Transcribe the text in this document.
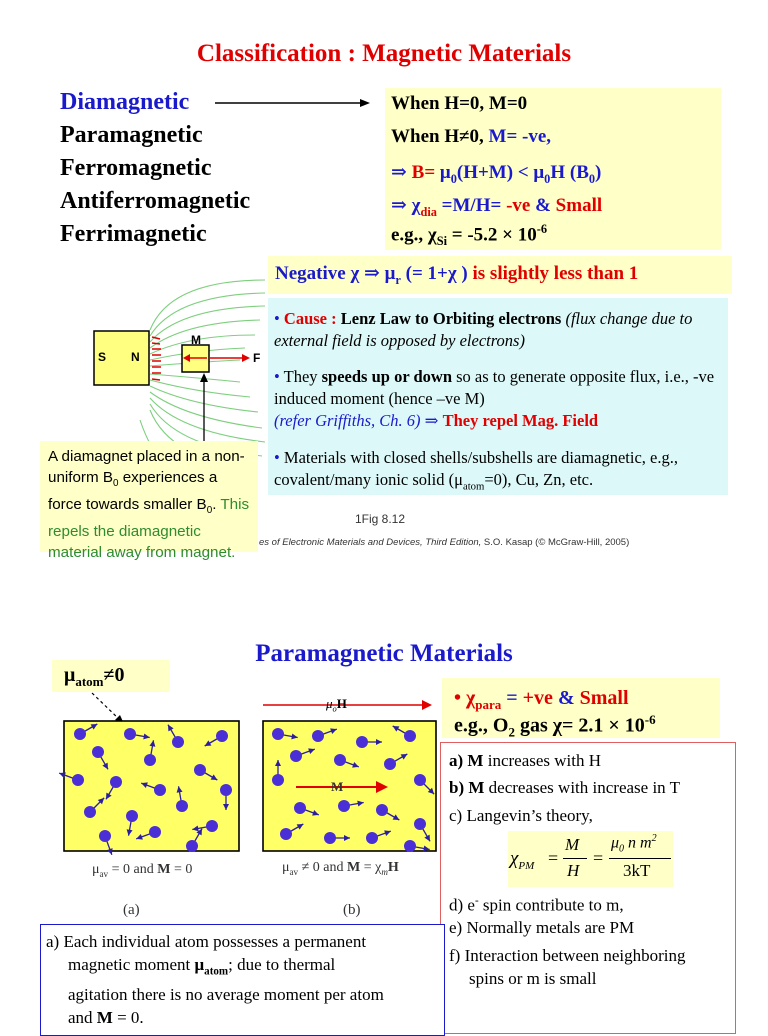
Classification : Magnetic Materials
Diamagnetic
Paramagnetic
Ferromagnetic
Antiferromagnetic
Ferrimagnetic
When H=0, M=0
When H≠0, M= -ve,
⇒ $B= \mu_0(H+M) < \mu_0H$ $(B_0)$
⇒ $\chi_{dia} =M/H= -ve$ & Small
e.g., $\chi_{Si} = -5.2 \times 10^{-6}$
Negative χ ⇒ $\mu_r$ (= 1+χ ) is slightly less than 1
• Cause : Lenz Law to Orbiting electrons (flux change due to external field is opposed by electrons)
• They speeds up or down so as to generate opposite flux, i.e., -ve induced moment (hence –ve M)
(refer Griffiths, Ch. 6) ⇒ They repel Mag. Field
• Materials with closed shells/subshells are diamagnetic, e.g., covalent/many ionic solid $(\mu_{atom}=0)$, Cu, Zn, etc.
S N
M
F
1Fig 8.12
es of Electronic Materials and Devices, Third Edition, S.O. Kasap (© McGraw-Hill, 2005)
A diamagnet placed in a non-uniform $B_0$ experiences a force towards smaller $B_0$. This repels the diamagnetic material away from magnet.
Paramagnetic Materials
$\mu_{atom}\ne 0$
$\mu_oH$
M
$\mu_{av} = 0$ and M = 0	$\mu_{av} \ne 0$ and $M = \chi_mH$
(a)	(b)
• $\chi_{para} = +ve$ & Small
e.g., $O_2$ gas $\chi= 2.1 \times 10^{-6}$
a) M increases with H
b) M decreases with increase in T
c) Langevin’s theory,
$\chi_{PM}$ =
M
H
=
$\mu_0$ n $m^2$
3kT
d) e- spin contribute to m,
e) Normally metals are PM
f) Interaction between neighboring
spins or m is small
a) Each individual atom possesses a permanent
magnetic moment $\mu_{atom}$; due to thermal
agitation there is no average moment per atom
and M = 0.
